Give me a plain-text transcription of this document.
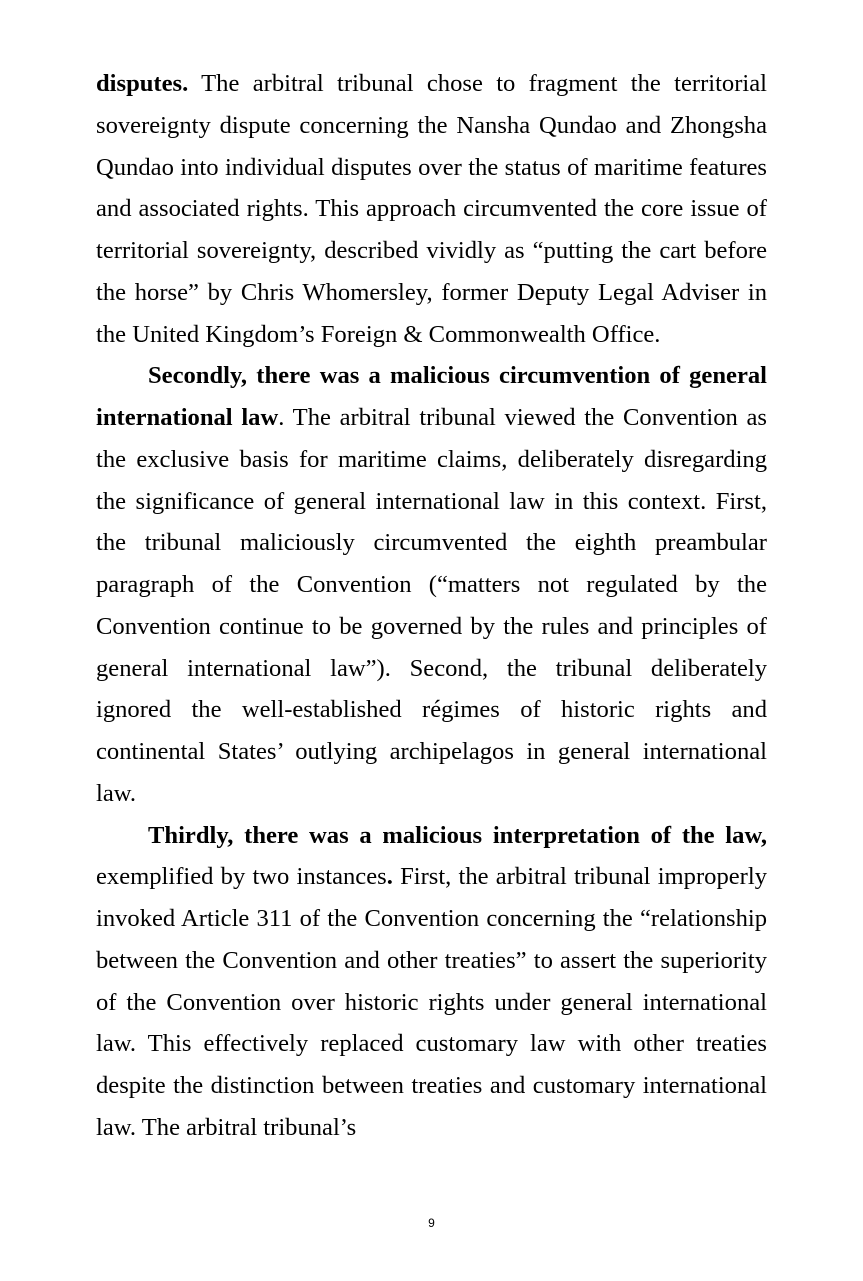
disputes. The arbitral tribunal chose to fragment the territorial sovereignty dispute concerning the Nansha Qundao and Zhongsha Qundao into individual disputes over the status of maritime features and associated rights. This approach circumvented the core issue of territorial sovereignty, described vividly as “putting the cart before the horse” by Chris Whomersley, former Deputy Legal Adviser in the United Kingdom’s Foreign & Commonwealth Office.

Secondly, there was a malicious circumvention of general international law. The arbitral tribunal viewed the Convention as the exclusive basis for maritime claims, deliberately disregarding the significance of general international law in this context. First, the tribunal maliciously circumvented the eighth preambular paragraph of the Convention (“matters not regulated by the Convention continue to be governed by the rules and principles of general international law”). Second, the tribunal deliberately ignored the well-established régimes of historic rights and continental States’ outlying archipelagos in general international law.

Thirdly, there was a malicious interpretation of the law, exemplified by two instances. First, the arbitral tribunal improperly invoked Article 311 of the Convention concerning the “relationship between the Convention and other treaties” to assert the superiority of the Convention over historic rights under general international law. This effectively replaced customary law with other treaties despite the distinction between treaties and customary international law. The arbitral tribunal’s

9
